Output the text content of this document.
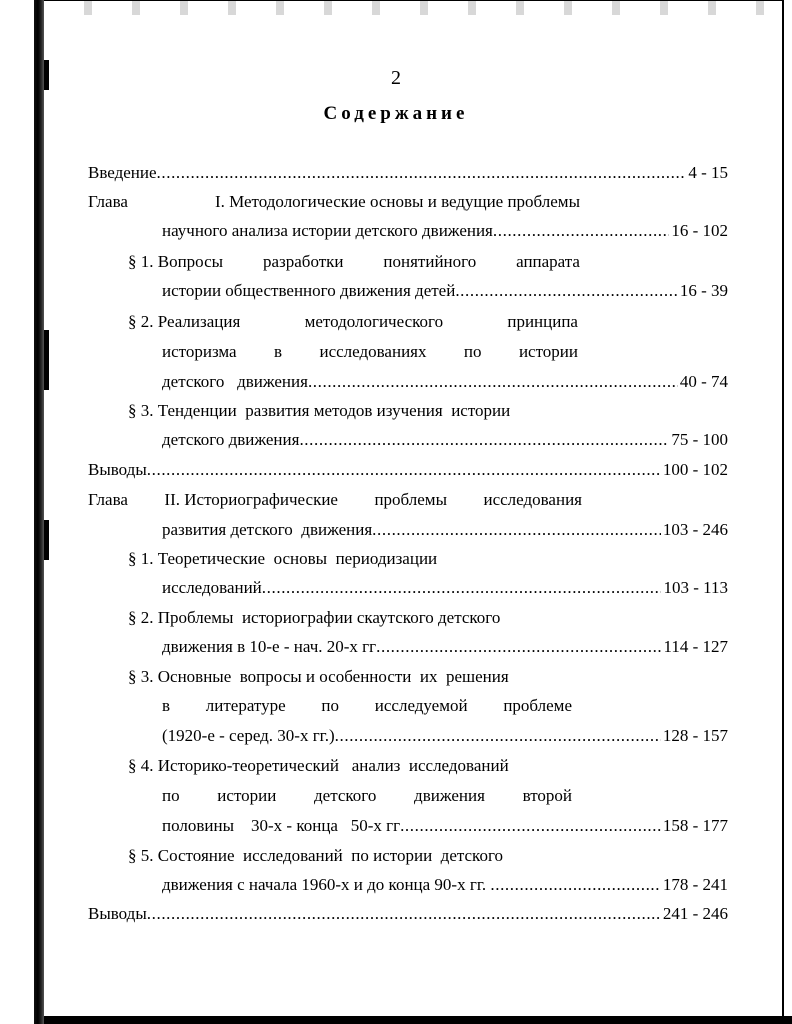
2
Содержание
Введение .....	4 - 15
Глава	I. Методологические основы и ведущие проблемы
научного анализа истории детского движения .....	16 - 102
§ 1. Вопросы разработки понятийного аппарата
истории общественного движения детей .....	16 - 39
§ 2. Реализация	методологического	принципа
историзма в исследованиях по истории
детского   движения .....	40 - 74
§ 3. Тенденции  развития методов изучения  истории
детского движения .....	75 - 100
Выводы .....	100 - 102
Глава II. Историографические проблемы исследования
развития детского  движения .....	103 - 246
§ 1. Теоретические  основы  периодизации
исследований .....	103 - 113
§ 2. Проблемы  историографии скаутского детского
движения в 10-е - нач. 20-х гг .....	114 - 127
§ 3. Основные  вопросы и особенности  их  решения
в литературе по исследуемой проблеме
(1920-е - серед. 30-х гг.) .....	128 - 157
§ 4. Историко-теоретический   анализ  исследований
по истории детского движения второй
половины    30-х - конца   50-х гг .....	158 - 177
§ 5. Состояние  исследований  по истории  детского
движения с начала 1960-х и до конца 90-х гг. .....	178 - 241
Выводы .....	241 - 246
